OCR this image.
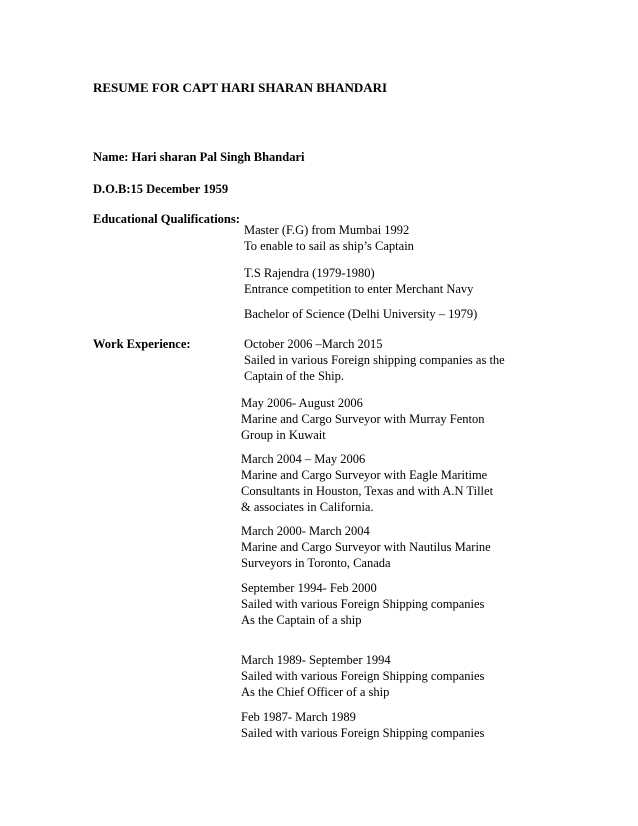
RESUME FOR CAPT HARI SHARAN BHANDARI
Name: Hari sharan Pal Singh Bhandari
D.O.B:15 December 1959
Educational Qualifications:
Master (F.G) from Mumbai 1992
To enable to sail as ship’s Captain
T.S Rajendra (1979-1980)
Entrance competition to enter Merchant Navy
Bachelor of Science (Delhi University – 1979)
Work Experience:	October 2006 –March 2015
Sailed in various Foreign shipping companies as the
Captain of the Ship.
May 2006- August 2006
Marine and Cargo Surveyor with Murray Fenton
Group in Kuwait
March 2004 – May 2006
Marine and Cargo Surveyor with Eagle Maritime
Consultants in Houston, Texas and with A.N Tillet
& associates in California.
March 2000- March 2004
Marine and Cargo Surveyor with Nautilus Marine
Surveyors in Toronto, Canada
September 1994- Feb 2000
Sailed with various Foreign Shipping companies
As the Captain of a ship
March 1989- September 1994
Sailed with various Foreign Shipping companies
As the Chief Officer of a ship
Feb 1987- March 1989
Sailed with various Foreign Shipping companies
